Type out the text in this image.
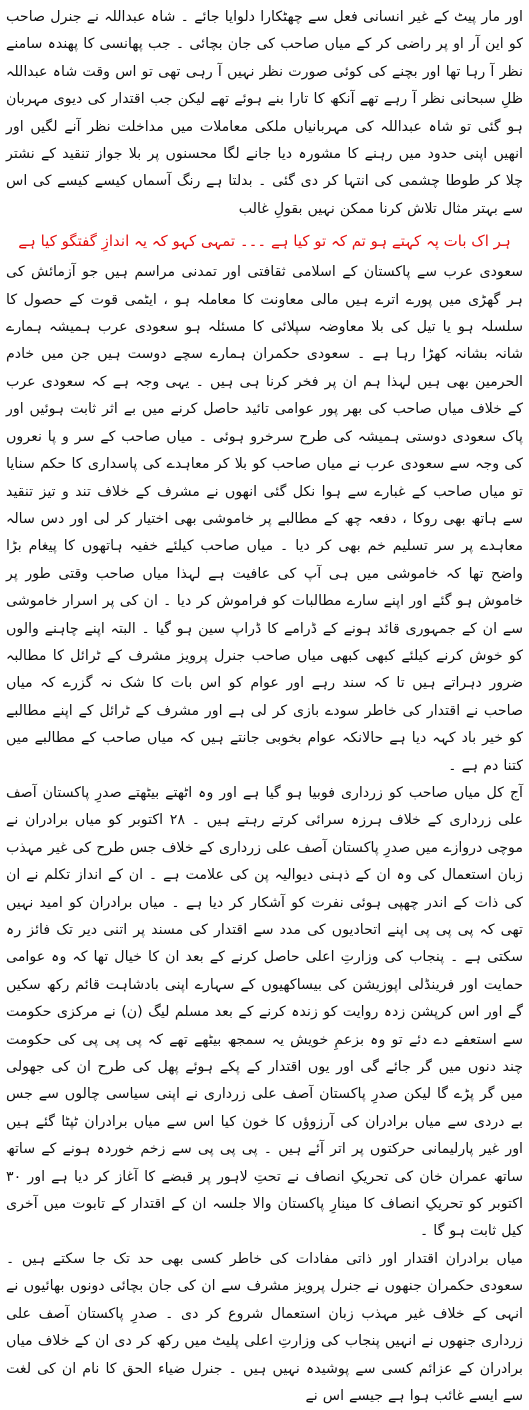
اور مار پیٹ کے غیر انسانی فعل سے چھٹکارا دلوایا جائے ۔ شاہ عبداللہ نے جنرل صاحب کو این آر او پر راضی کر کے میاں صاحب کی جان بچائی ۔ جب پھانسی کا پھندہ سامنے نظر آ رہا تھا اور بچنے کی کوئی صورت نظر نہیں آ رہی تھی تو اس وقت شاہ عبداللہ ظلِ سبحانی نظر آ رہے تھے آنکھ کا تارا بنے ہوئے تھے لیکن جب اقتدار کی دیوی مہربان ہو گئی تو شاہ عبداللہ کی مہربانیاں ملکی معاملات میں مداخلت نظر آنے لگیں اور انھیں اپنی حدود میں رہنے کا مشورہ دیا جانے لگا محسنوں پر بلا جواز تنقید کے نشتر چلا کر طوطا چشمی کی انتہا کر دی گئی ۔ بدلتا ہے رنگ آسماں کیسے کیسے کی اس سے بہتر مثال تلاش کرنا ممکن نہیں بقولِ غالب

ہر اک بات پہ کہتے ہو تم کہ تو کیا ہے ۔۔۔ تمہی کہو کہ یہ اندازِ گفتگو کیا ہے

سعودی عرب سے پاکستان کے اسلامی ثقافتی اور تمدنی مراسم ہیں جو آزمائش کی ہر گھڑی میں پورے اترے ہیں مالی معاونت کا معاملہ ہو ، ایٹمی قوت کے حصول کا سلسلہ ہو یا تیل کی بلا معاوضہ سپلائی کا مسئلہ ہو سعودی عرب ہمیشہ ہمارے شانہ بشانہ کھڑا رہا ہے ۔ سعودی حکمران ہمارے سچے دوست ہیں جن میں خادم الحرمین بھی ہیں لہذا ہم ان پر فخر کرنا ہی ہیں ۔ یہی وجہ ہے کہ سعودی عرب کے خلاف میاں صاحب کی بھر پور عوامی تائید حاصل کرنے میں بے اثر ثابت ہوئیں اور پاک سعودی دوستی ہمیشہ کی طرح سرخرو ہوئی ۔ میاں صاحب کے سر و پا نعروں کی وجہ سے سعودی عرب نے میاں صاحب کو بلا کر معاہدے کی پاسداری کا حکم سنایا تو میاں صاحب کے غبارے سے ہوا نکل گئی انھوں نے مشرف کے خلاف تند و تیز تنقید سے ہاتھ بھی روکا ، دفعہ چھ کے مطالبے پر خاموشی بھی اختیار کر لی اور دس سالہ معاہدے پر سر تسلیم خم بھی کر دیا ۔ میاں صاحب کیلئے خفیہ ہاتھوں کا پیغام بڑا واضح تھا کہ خاموشی میں ہی آپ کی عافیت ہے لہذا میاں صاحب وقتی طور پر خاموش ہو گئے اور اپنے سارے مطالبات کو فراموش کر دیا ۔ ان کی پر اسرار خاموشی سے ان کے جمہوری قائد ہونے کے ڈرامے کا ڈراپ سین ہو گیا ۔ البتہ اپنے چاہنے والوں کو خوش کرنے کیلئے کبھی کبھی میاں صاحب جنرل پرویز مشرف کے ٹرائل کا مطالبہ ضرور دہراتے ہیں تا کہ سند رہے اور عوام کو اس بات کا شک نہ گزرے کہ میاں صاحب نے اقتدار کی خاطر سودے بازی کر لی ہے اور مشرف کے ٹرائل کے اپنے مطالبے کو خیر باد کہہ دیا ہے حالانکہ عوام بخوبی جانتے ہیں کہ میاں صاحب کے مطالبے میں کتنا دم ہے ۔

آج کل میاں صاحب کو زرداری فوبیا ہو گیا ہے اور وہ اٹھتے بیٹھتے صدرِ پاکستان آصف علی زرداری کے خلاف ہرزہ سرائی کرتے رہتے ہیں ۔ ۲۸ اکتوبر کو میاں برادران نے موچی دروازے میں صدرِ پاکستان آصف علی زرداری کے خلاف جس طرح کی غیر مہذب زبان استعمال کی وہ ان کے ذہنی دیوالیہ پن کی علامت ہے ۔ ان کے انداز تکلم نے ان کی ذات کے اندر چھپی ہوئی نفرت کو آشکار کر دیا ہے ۔ میاں برادران کو امید نہیں تھی کہ پی پی پی اپنے اتحادیوں کی مدد سے اقتدار کی مسند پر اتنی دیر تک فائز رہ سکتی ہے ۔ پنجاب کی وزارتِ اعلی حاصل کرنے کے بعد ان کا خیال تھا کہ وہ عوامی حمایت اور فرینڈلی اپوزیشن کی بیساکھیوں کے سہارے اپنی بادشاہت قائم رکھ سکیں گے اور اس کرپشن زدہ روایت کو زندہ کرنے کے بعد مسلم لیگ (ن) نے مرکزی حکومت سے استعفے دے دئے تو وہ بزعمِ خویش یہ سمجھ بیٹھے تھے کہ پی پی پی کی حکومت چند دنوں میں گر جائے گی اور یوں اقتدار کے پکے ہوئے پھل کی طرح ان کی جھولی میں گر پڑے گا لیکن صدرِ پاکستان آصف علی زرداری نے اپنی سیاسی چالوں سے جس بے دردی سے میاں برادران کی آرزوؤں کا خون کیا اس سے میاں برادران ٹپٹا گئے ہیں اور غیر پارلیمانی حرکتوں پر اتر آئے ہیں ۔ پی پی پی سے زخم خوردہ ہونے کے ساتھ ساتھ عمران خان کی تحریکِ انصاف نے تحتِ لاہور پر قبضے کا آغاز کر دیا ہے اور ۳۰ اکتوبر کو تحریکِ انصاف کا مینارِ پاکستان والا جلسہ ان کے اقتدار کے تابوت میں آخری کیل ثابت ہو گا ۔

میاں برادران اقتدار اور ذاتی مفادات کی خاطر کسی بھی حد تک جا سکتے ہیں ۔ سعودی حکمران جنھوں نے جنرل پرویز مشرف سے ان کی جان بچائی دونوں بھائیوں نے انہی کے خلاف غیر مہذب زبان استعمال شروع کر دی ۔ صدرِ پاکستان آصف علی زرداری جنھوں نے انہیں پنجاب کی وزارتِ اعلی پلیٹ میں رکھ کر دی ان کے خلاف میاں برادران کے عزائم کسی سے پوشیدہ نہیں ہیں ۔ جنرل ضیاء الحق کا نام ان کی لغت سے ایسے غائب ہوا ہے جیسے اس نے
